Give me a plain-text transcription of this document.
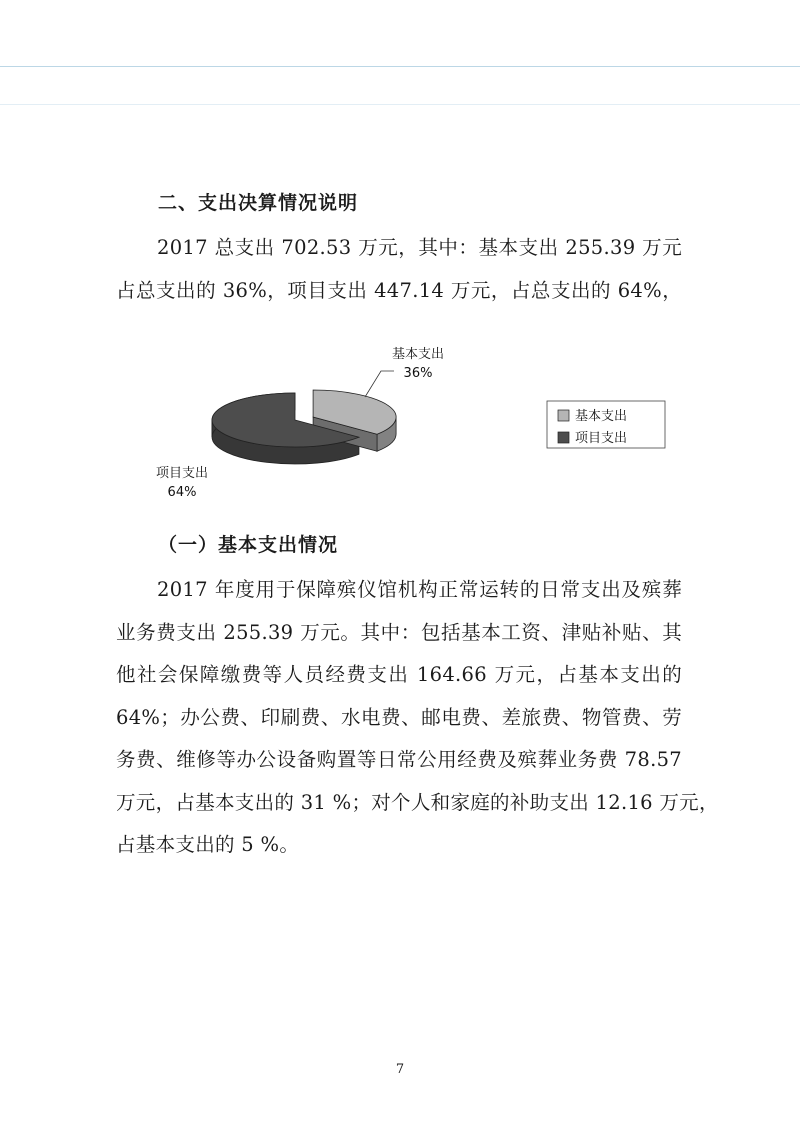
二、支出决算情况说明
2017 总支出 702.53 万元，其中：基本支出 255.39 万元
占总支出的 36%，项目支出 447.14 万元，占总支出的 64%，
基本支出
36%
项目支出
64%
基本支出
项目支出
（一）基本支出情况
2017 年度用于保障殡仪馆机构正常运转的日常支出及殡葬
业务费支出 255.39 万元。其中：包括基本工资、津贴补贴、其
他社会保障缴费等人员经费支出 164.66 万元，占基本支出的
64%；办公费、印刷费、水电费、邮电费、差旅费、物管费、劳
务费、维修等办公设备购置等日常公用经费及殡葬业务费 78.57
万元，占基本支出的 31 %；对个人和家庭的补助支出 12.16 万元，
占基本支出的 5 %。
7
